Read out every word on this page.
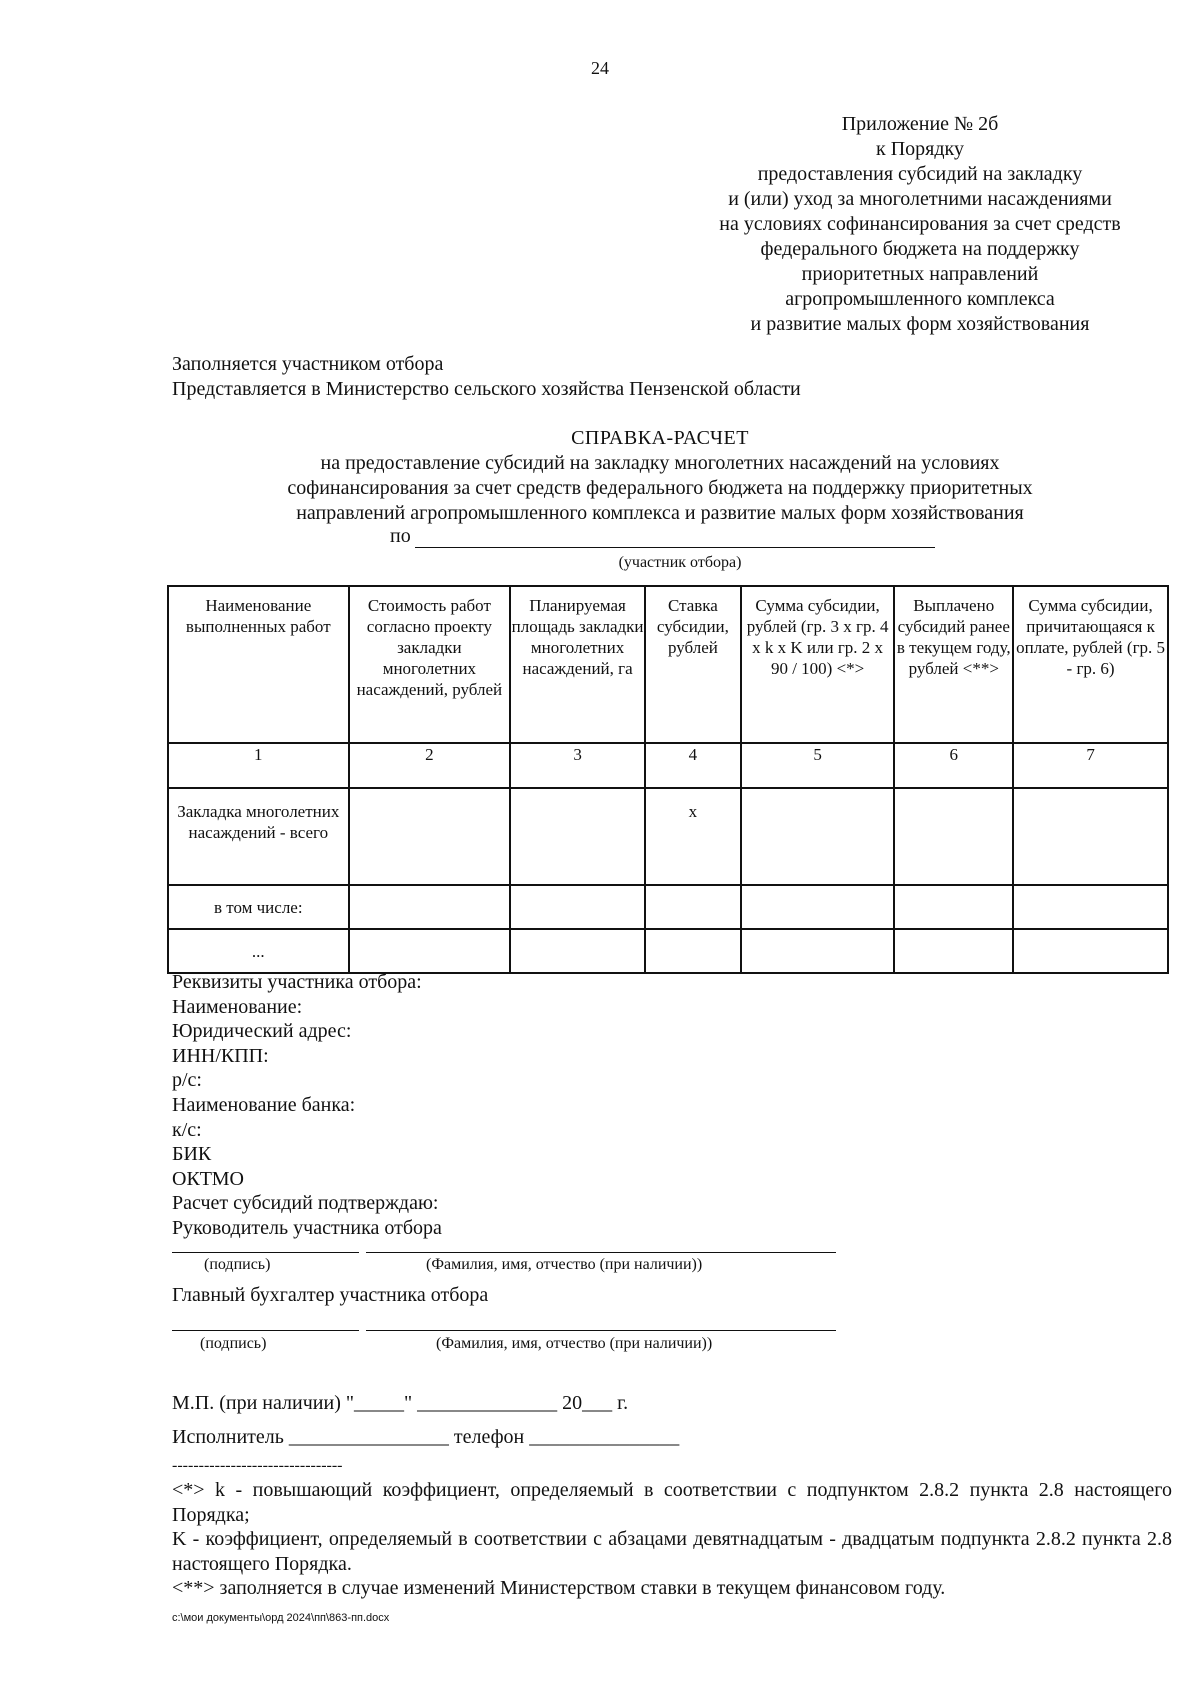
24
Приложение № 2б
к Порядку
предоставления субсидий на закладку
и (или) уход за многолетними насаждениями
на условиях софинансирования за счет средств
федерального бюджета на поддержку
приоритетных направлений
агропромышленного комплекса
и развитие малых форм хозяйствования
Заполняется участником отбора
Представляется в Министерство сельского хозяйства Пензенской области
СПРАВКА-РАСЧЕТ
на предоставление субсидий на закладку многолетних насаждений на условиях
софинансирования за счет средств федерального бюджета на поддержку приоритетных
направлений агропромышленного комплекса и развитие малых форм хозяйствования
по
(участник отбора)
Наименование выполненных работ	Стоимость работ согласно проекту закладки многолетних насаждений, рублей	Планируемая площадь закладки многолетних насаждений, га	Ставка субсидии, рублей	Сумма субсидии, рублей (гр. 3 x гр. 4 x k x K или гр. 2 x 90 / 100) <*>	Выплачено субсидий ранее в текущем году, рублей <**>	Сумма субсидии, причитающаяся к оплате, рублей (гр. 5 - гр. 6)
1	2	3	4	5	6	7
Закладка многолетних насаждений - всего			x			
в том числе:						
...						
Реквизиты участника отбора:
Наименование:
Юридический адрес:
ИНН/КПП:
р/с:
Наименование банка:
к/с:
БИК
ОКТМО
Расчет субсидий подтверждаю:
Руководитель участника отбора
(подпись)	(Фамилия, имя, отчество (при наличии))
Главный бухгалтер участника отбора
(подпись)	(Фамилия, имя, отчество (при наличии))
М.П. (при наличии) "_____" ______________ 20___ г.
Исполнитель ________________ телефон _______________
--------------------------------

<*> k - повышающий коэффициент, определяемый в соответствии с подпунктом 2.8.2 пункта 2.8 настоящего Порядка;

K - коэффициент, определяемый в соответствии с абзацами девятнадцатым - двадцатым подпункта 2.8.2 пункта 2.8 настоящего Порядка.

<**> заполняется в случае изменений Министерством ставки в текущем финансовом году.

c:\мои документы\орд 2024\пп\863-пп.docx
